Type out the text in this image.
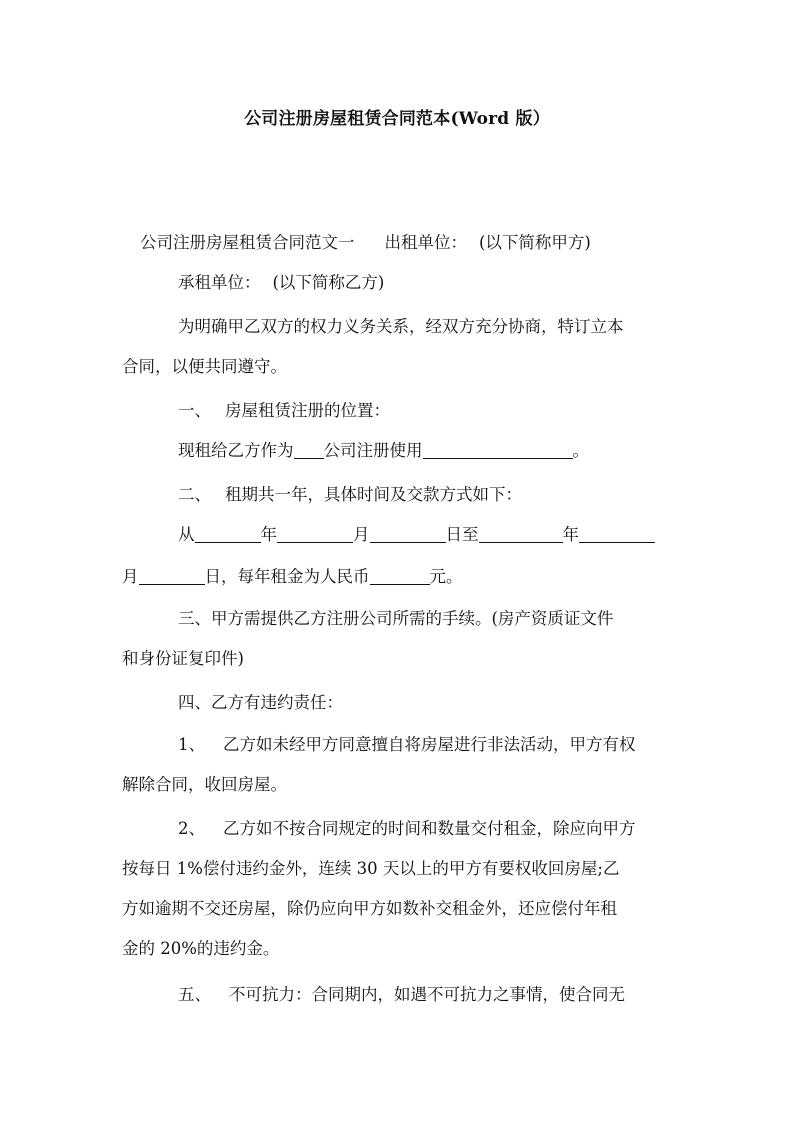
公司注册房屋租赁合同范本(Word 版）
公司注册房屋租赁合同范文一 出租单位： (以下简称甲方)
承租单位： (以下简称乙方)
为明确甲乙双方的权力义务关系，经双方充分协商，特订立本
合同，以便共同遵守。
一、 房屋租赁注册的位置：
现租给乙方作为 公司注册使用	。
二、 租期共一年，具体时间及交款方式如下：
从	年	月	日至	年
月	日，每年租金为人民币	元。
三、甲方需提供乙方注册公司所需的手续。(房产资质证文件
和身份证复印件)
四、乙方有违约责任：
1、 乙方如未经甲方同意擅自将房屋进行非法活动，甲方有权
解除合同，收回房屋。
2、 乙方如不按合同规定的时间和数量交付租金，除应向甲方
按每日 1%偿付违约金外，连续 30 天以上的甲方有要权收回房屋;乙
方如逾期不交还房屋，除仍应向甲方如数补交租金外，还应偿付年租
金的 20%的违约金。
五、 不可抗力：合同期内，如遇不可抗力之事情，使合同无
